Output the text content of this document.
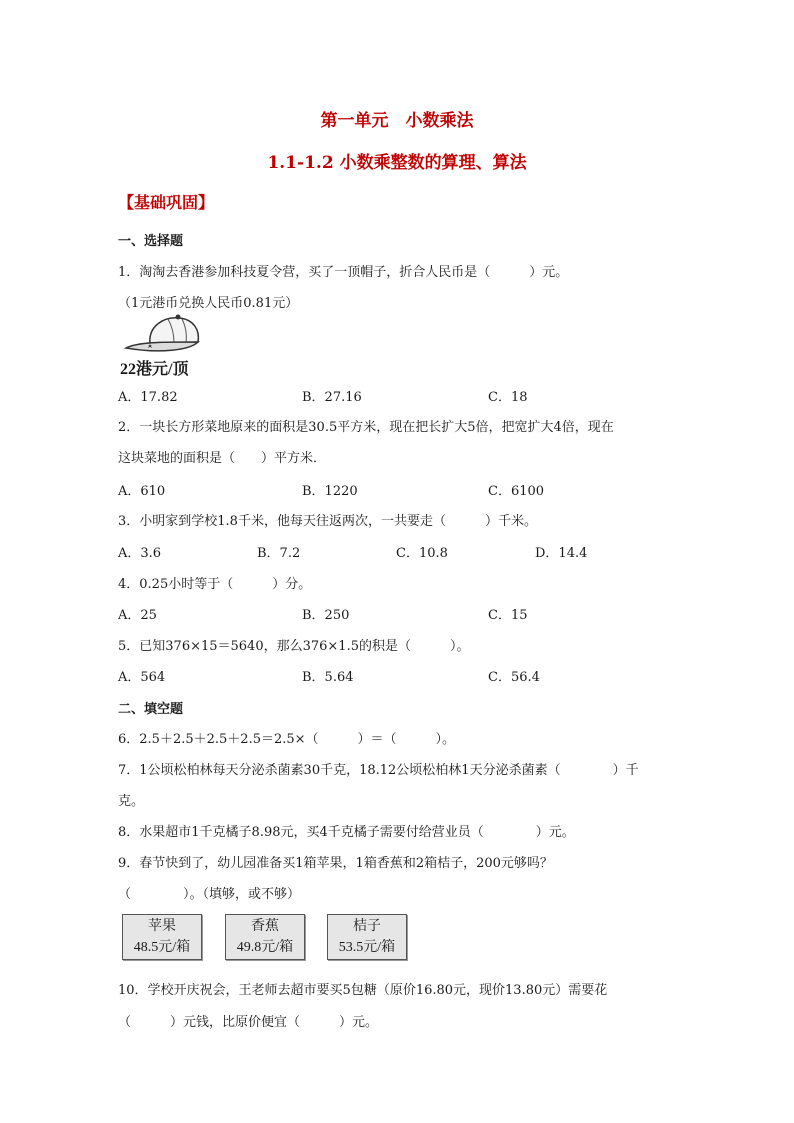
第一单元　小数乘法
1.1-1.2 小数乘整数的算理、算法
【基础巩固】
一、选择题
1．淘淘去香港参加科技夏令营，买了一顶帽子，折合人民币是（　　　）元。
（1元港币兑换人民币0.81元）
22港元/顶
A．17.82	B．27.16	C．18
2．一块长方形菜地原来的面积是30.5平方米，现在把长扩大5倍，把宽扩大4倍，现在
这块菜地的面积是（　　）平方米．
A．610	B．1220	C．6100
3．小明家到学校1.8千米，他每天往返两次，一共要走（　　　）千米。
A．3.6	B．7.2	C．10.8	D．14.4
4．0.25小时等于（　　　）分。
A．25	B．250	C．15
5．已知376×15＝5640，那么376×1.5的积是（　　　）。
A．564	B．5.64	C．56.4
二、填空题
6．2.5＋2.5＋2.5＋2.5＝2.5×（　　　）＝（　　　）。
7．1公顷松柏林每天分泌杀菌素30千克，18.12公顷松柏林1天分泌杀菌素（　　　　）千
克。
8．水果超市1千克橘子8.98元，买4千克橘子需要付给营业员（　　　　）元。
9．春节快到了，幼儿园准备买1箱苹果，1箱香蕉和2箱桔子，200元够吗？
（　　　　）。（填够，或不够）
苹果
48.5元/箱
香蕉
49.8元/箱
桔子
53.5元/箱
10．学校开庆祝会，王老师去超市要买5包糖（原价16.80元，现价13.80元）需要花
（　　　）元钱，比原价便宜（　　　）元。
